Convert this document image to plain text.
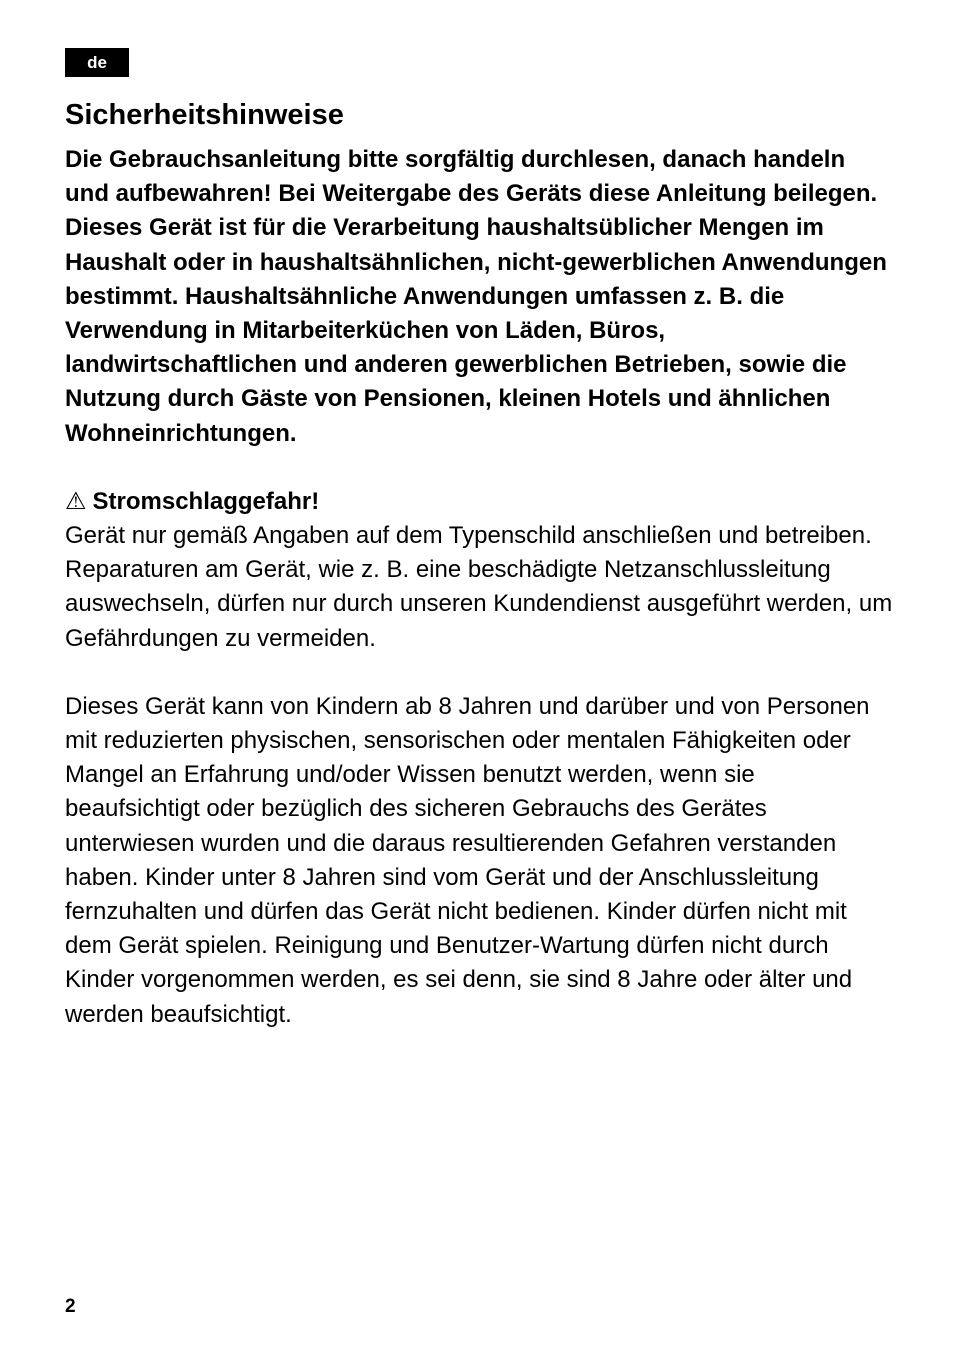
de
Sicherheitshinweise

Die Gebrauchsanleitung bitte sorgfältig durchlesen, danach handeln und aufbewahren! Bei Weitergabe des Geräts diese Anleitung beilegen. Dieses Gerät ist für die Verarbeitung haushaltsüblicher Mengen im Haushalt oder in haushaltsähnlichen, nicht-gewerblichen Anwendungen bestimmt. Haushaltsähnliche Anwendungen umfassen z. B. die Verwendung in Mitarbeiterküchen von Läden, Büros, landwirtschaftlichen und anderen gewerblichen Betrieben, sowie die Nutzung durch Gäste von Pensionen, kleinen Hotels und ähnlichen Wohneinrichtungen.

⚠ Stromschlaggefahr!

Gerät nur gemäß Angaben auf dem Typenschild anschließen und betreiben. Reparaturen am Gerät, wie z. B. eine beschädigte Netzanschlussleitung auswechseln, dürfen nur durch unseren Kundendienst ausgeführt werden, um Gefährdungen zu vermeiden.

Dieses Gerät kann von Kindern ab 8 Jahren und darüber und von Personen mit reduzierten physischen, sensorischen oder mentalen Fähigkeiten oder Mangel an Erfahrung und/oder Wissen benutzt werden, wenn sie beaufsichtigt oder bezüglich des sicheren Gebrauchs des Gerätes unterwiesen wurden und die daraus resultierenden Gefahren verstanden haben. Kinder unter 8 Jahren sind vom Gerät und der Anschlussleitung fernzuhalten und dürfen das Gerät nicht bedienen. Kinder dürfen nicht mit dem Gerät spielen. Reinigung und Benutzer-Wartung dürfen nicht durch Kinder vorgenommen werden, es sei denn, sie sind 8 Jahre oder älter und werden beaufsichtigt.

2
